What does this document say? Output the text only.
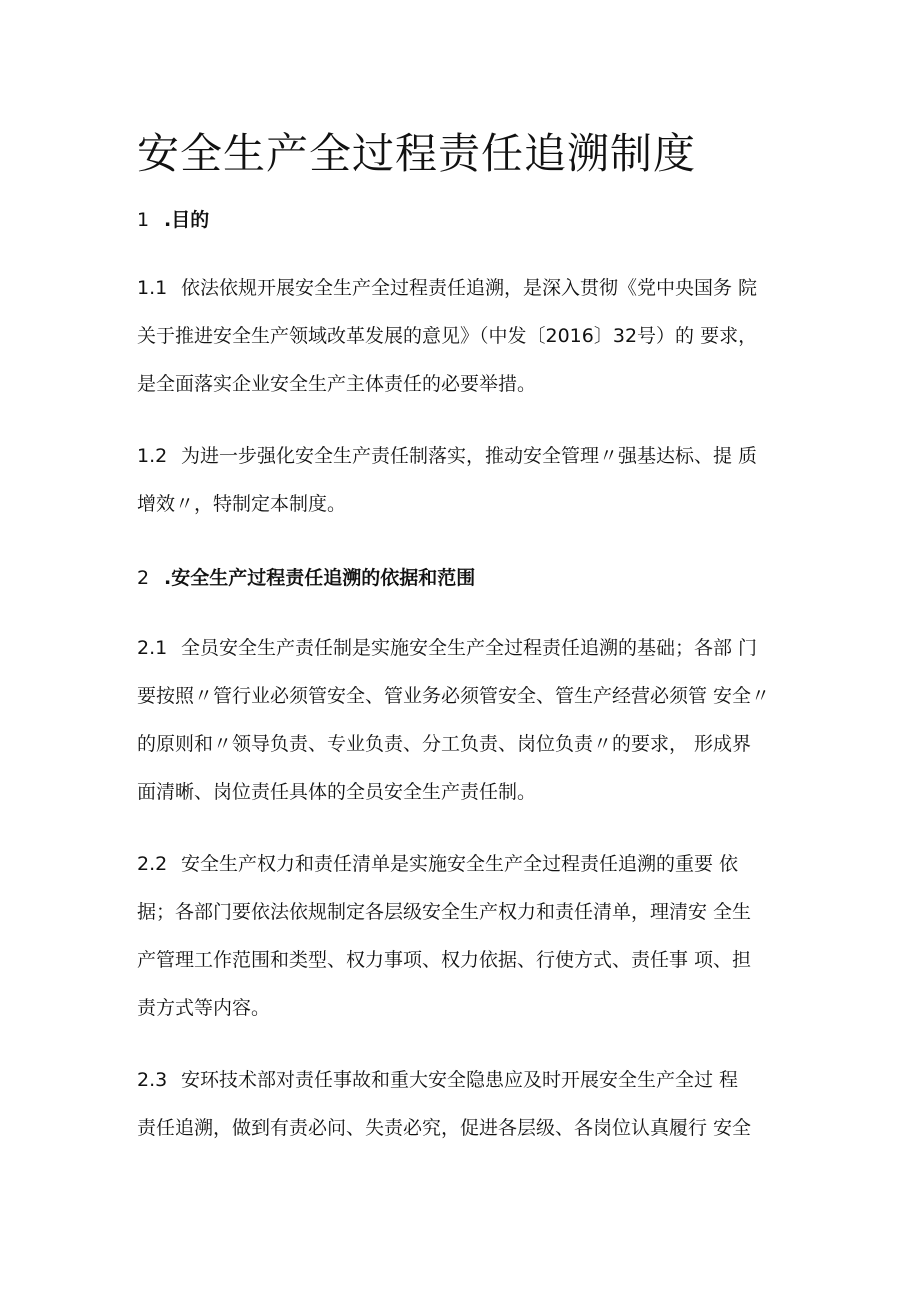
安全生产全过程责任追溯制度
1 .目的
1.1 依法依规开展安全生产全过程责任追溯，是深入贯彻《党中央国务 院
关于推进安全生产领域改革发展的意见》（中发〔2016〕32号）的 要求，
是全面落实企业安全生产主体责任的必要举措。
1.2 为进一步强化安全生产责任制落实，推动安全管理〃强基达标、提 质
增效〃，特制定本制度。
2 .安全生产过程责任追溯的依据和范围
2.1 全员安全生产责任制是实施安全生产全过程责任追溯的基础；各部 门
要按照〃管行业必须管安全、管业务必须管安全、管生产经营必须管 安全〃
的原则和〃领导负责、专业负责、分工负责、岗位负责〃的要求， 形成界
面清晰、岗位责任具体的全员安全生产责任制。
2.2 安全生产权力和责任清单是实施安全生产全过程责任追溯的重要 依
据；各部门要依法依规制定各层级安全生产权力和责任清单，理清安 全生
产管理工作范围和类型、权力事项、权力依据、行使方式、责任事 项、担
责方式等内容。
2.3 安环技术部对责任事故和重大安全隐患应及时开展安全生产全过 程
责任追溯，做到有责必问、失责必究，促进各层级、各岗位认真履行 安全
